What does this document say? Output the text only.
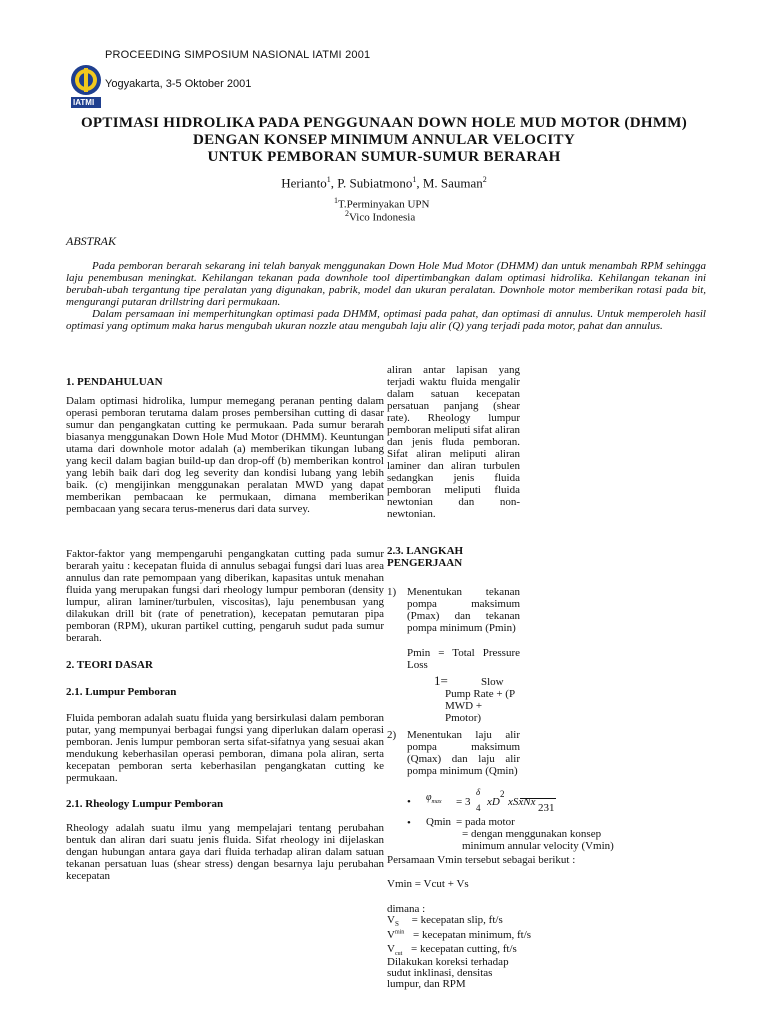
PROCEEDING SIMPOSIUM NASIONAL IATMI 2001
IATMI
Yogyakarta, 3-5 Oktober 2001
OPTIMASI HIDROLIKA PADA PENGGUNAAN DOWN HOLE MUD MOTOR (DHMM)
DENGAN KONSEP MINIMUM ANNULAR VELOCITY
UNTUK PEMBORAN SUMUR-SUMUR BERARAH
Herianto$^1$, P. Subiatmono$^1$, M. Sauman$^2$
$^1$T.Perminyakan UPN
$^2$Vico Indonesia
ABSTRAK

Pada pemboran berarah sekarang ini telah banyak menggunakan Down Hole Mud Motor (DHMM) dan untuk menambah RPM sehingga laju penembusan meningkat. Kehilangan tekanan pada downhole tool dipertimbangkan dalam optimasi hidrolika. Kehilangan tekanan ini berubah-ubah tergantung tipe peralatan yang digunakan, pabrik, model dan ukuran peralatan. Downhole motor memberikan rotasi pada bit, mengurangi putaran drillstring dari permukaan.

Dalam persamaan ini memperhitungkan optimasi pada DHMM, optimasi pada pahat, dan optimasi di annulus. Untuk memperoleh hasil optimasi yang optimum maka harus mengubah ukuran nozzle atau mengubah laju alir (Q) yang terjadi pada motor, pahat dan annulus.

1. PENDAHULUAN
Dalam optimasi hidrolika, lumpur memegang peranan penting dalam operasi pemboran terutama dalam proses pembersihan cutting di dasar sumur dan pengangkatan cutting ke permukaan. Pada sumur berarah biasanya menggunakan Down Hole Mud Motor (DHMM). Keuntungan utama dari downhole motor adalah (a) memberikan tikungan lubang yang kecil dalam bagian build-up dan drop-off (b) memberikan kontrol yang lebih baik dari dog leg severity dan kondisi lubang yang lebih baik. (c) mengijinkan menggunakan peralatan MWD yang dapat memberikan pembacaan ke permukaan, dimana memberikan pembacaan yang secara terus-menerus dari data survey.
Faktor-faktor yang mempengaruhi pengangkatan cutting pada sumur berarah yaitu : kecepatan fluida di annulus sebagai fungsi dari luas area annulus dan rate pemompaan yang diberikan, kapasitas untuk menahan fluida yang merupakan fungsi dari rheology lumpur pemboran (density lumpur, aliran laminer/turbulen, viscositas), laju penembusan yang dilakukan drill bit (rate of penetration), kecepatan pemutaran pipa pemboran (RPM), ukuran partikel cutting, pengaruh sudut pada sumur berarah.
2. TEORI DASAR
2.1. Lumpur Pemboran
Fluida pemboran adalah suatu fluida yang bersirkulasi dalam pemboran putar, yang mempunyai berbagai fungsi yang diperlukan dalam operasi pemboran. Jenis lumpur pemboran serta sifat-sifatnya yang sesuai akan mendukung keberhasilan operasi pemboran, dimana pola aliran, serta kecepatan pemboran serta keberhasilan pengangkatan cutting ke permukaan.
2.1. Rheology Lumpur Pemboran
Rheology adalah suatu ilmu yang mempelajari tentang perubahan bentuk dan aliran dari suatu jenis fluida. Sifat rheology ini dijelaskan dengan hubungan antara gaya dari fluida terhadap aliran dalam satuan tekanan persatuan luas (shear stress) dengan besarnya laju perubahan kecepatan
aliran antar lapisan yang terjadi waktu fluida mengalir dalam satuan kecepatan persatuan panjang (shear rate). Rheology lumpur pemboran meliputi sifat aliran dan jenis fluda pemboran. Sifat aliran meliputi aliran laminer dan aliran turbulen sedangkan jenis fluida pemboran meliputi fluida newtonian dan non-newtonian.
2.3. LANGKAH PENGERJAAN
1) Menentukan tekanan pompa maksimum (Pmax) dan tekanan pompa minimum (Pmin)
Pmin = Total Pressure Loss
1=	Slow
Pump Rate + (P MWD + Pmotor)
2) Menentukan laju alir pompa maksimum (Qmax) dan laju alir pompa minimum (Qmin)
• $\varphi_{max} = 3$
δ
4 xD
2
xSxNx 231
• Qmin = pada motor
= dengan menggunakan konsep minimum annular velocity (Vmin)
Persamaan Vmin tersebut sebagai berikut :
Vmin = Vcut + Vs
dimana :
$V_S$ = kecepatan slip, ft/s
$V^{min}$ = kecepatan minimum, ft/s
$V_{cut}$ = kecepatan cutting, ft/s
Dilakukan koreksi terhadap sudut inklinasi, densitas lumpur, dan RPM
